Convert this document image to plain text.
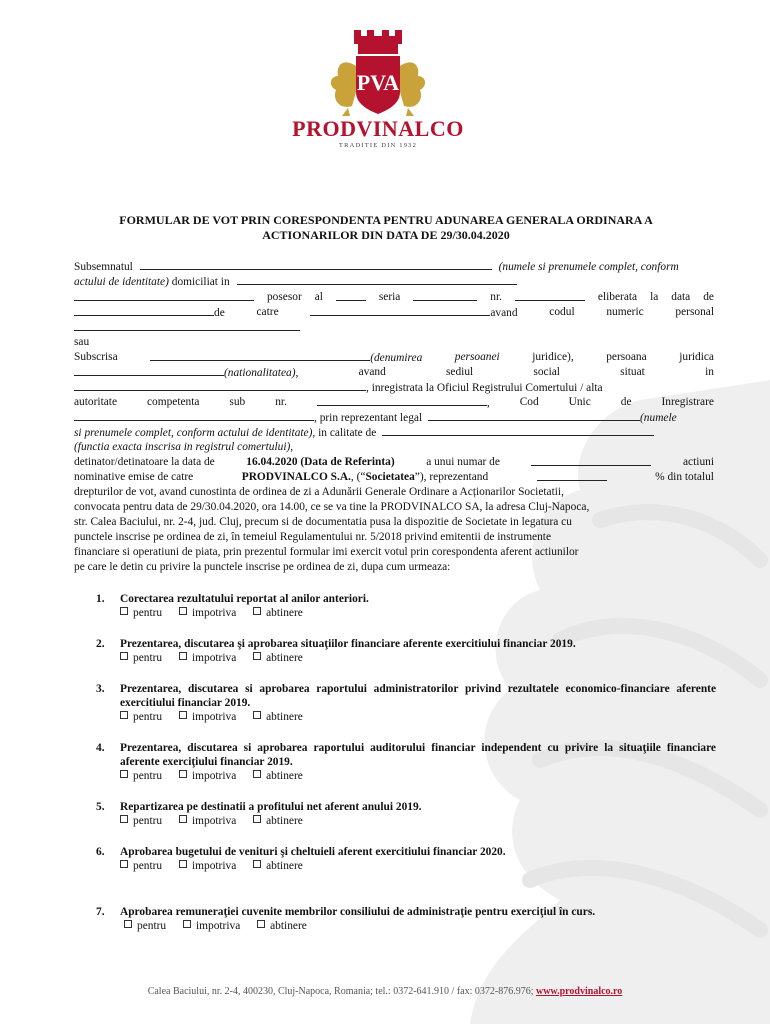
PVA
PRODVINALCO
TRADITIE DIN 1932
FORMULAR DE VOT PRIN CORESPONDENTA PENTRU ADUNAREA GENERALA ORDINARA A
ACTIONARILOR DIN DATA DE 29/30.04.2020
Subsemnatul	(numele si prenumele complet, conform
actului de identitate) domiciliat in
posesor al	seria	nr.	eliberata la data de
de	catre	avand	codul	numeric	personal
sau
Subscrisa	(denumirea	persoanei	juridice),	persoana	juridica
(nationalitatea),	avand	sediul	social	situat	in
, inregistrata la Oficiul Registrului Comertului / alta
autoritate	competenta	sub	nr.	,	Cod	Unic	de	Inregistrare
, prin reprezentant legal	(numele
si prenumele complet, conform actului de identitate), in calitate de
(functia exacta inscrisa in registrul comertului),
detinator/detinatoare la data de	16.04.2020 (Data de Referinta)	a unui numar de	actiuni
nominative emise de catre	PRODVINALCO S.A., (“Societatea”), reprezentand	% din totalul
drepturilor de vot, avand cunostinta de ordinea de zi a Adunării Generale Ordinare a Acționarilor Societatii,
convocata pentru data de 29/30.04.2020, ora 14.00, ce se va tine la PRODVINALCO SA, la adresa Cluj-Napoca,
str. Calea Baciului, nr. 2-4, jud. Cluj, precum si de documentatia pusa la dispozitie de Societate in legatura cu
punctele inscrise pe ordinea de zi, în temeiul Regulamentului nr. 5/2018 privind emitentii de instrumente
financiare si operatiuni de piata, prin prezentul formular imi exercit votul prin corespondenta aferent actiunilor
pe care le detin cu privire la punctele inscrise pe ordinea de zi, dupa cum urmeaza:
1. Corectarea rezultatului reportat al anilor anteriori.
pentru	impotriva	abtinere
2. Prezentarea, discutarea şi aprobarea situaţiilor financiare aferente exercitiului financiar 2019.
pentru	impotriva	abtinere
3. Prezentarea, discutarea si aprobarea raportului administratorilor privind rezultatele economico-financiare aferente exercitiului financiar 2019.
pentru	impotriva	abtinere
4. Prezentarea, discutarea si aprobarea raportului auditorului financiar independent cu privire la situaţiile financiare aferente exerciţiului financiar 2019.
pentru	impotriva	abtinere
5. Repartizarea pe destinatii a profitului net aferent anului 2019.
pentru	impotriva	abtinere
6. Aprobarea bugetului de venituri şi cheltuieli aferent exercitiului financiar 2020.
pentru	impotriva	abtinere
7. Aprobarea remuneraţiei cuvenite membrilor consiliului de administraţie pentru exerciţiul în curs.
pentru	impotriva	abtinere
Calea Baciului, nr. 2-4, 400230, Cluj-Napoca, Romania; tel.: 0372-641.910 / fax: 0372-876.976; www.prodvinalco.ro
